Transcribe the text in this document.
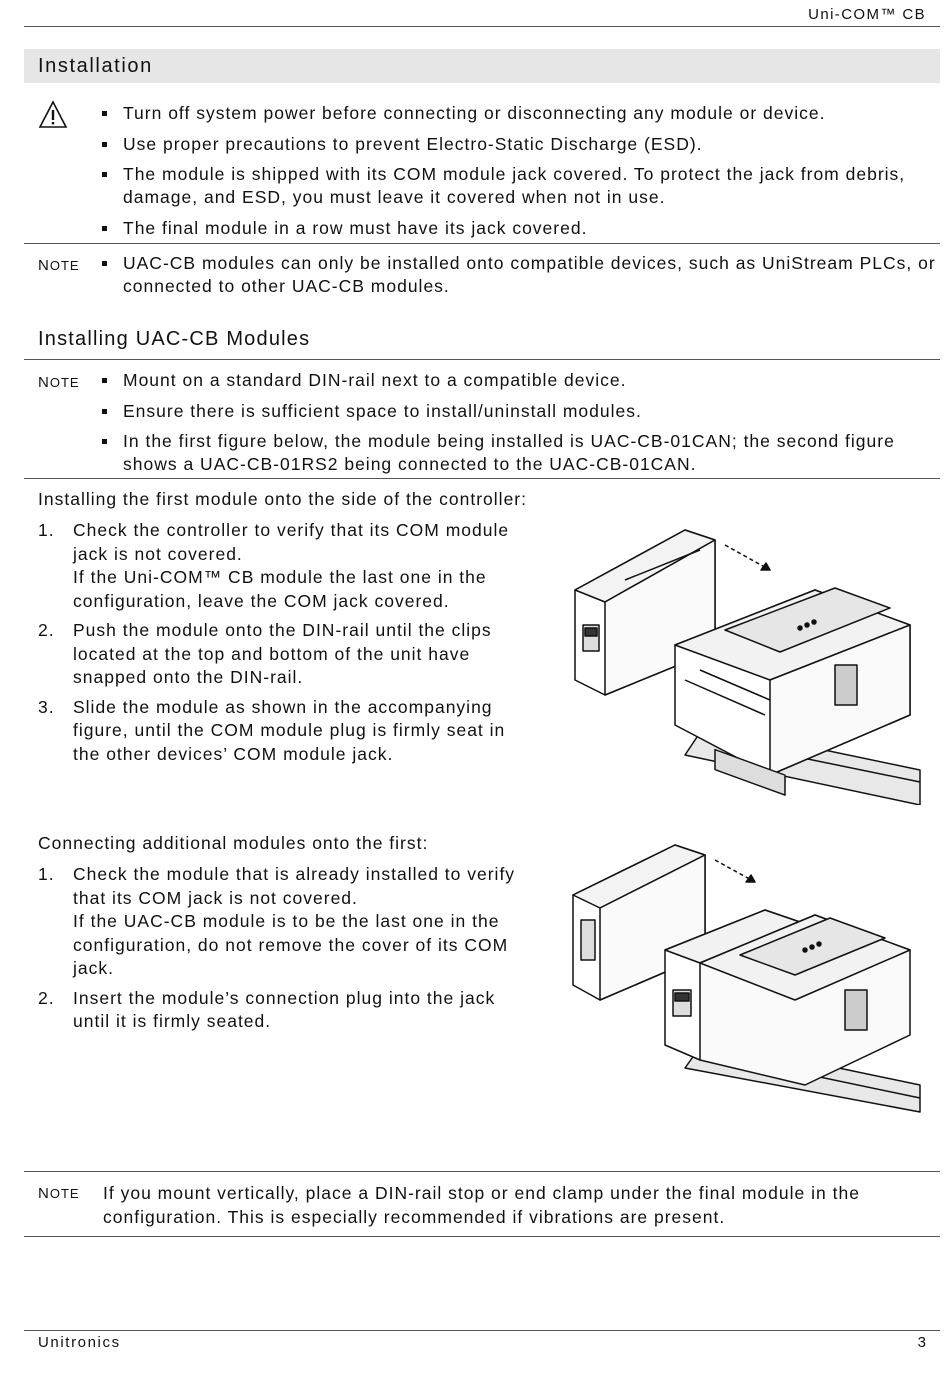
Uni-COM™ CB
Installation
Turn off system power before connecting or disconnecting any module or device.
Use proper precautions to prevent Electro-Static Discharge (ESD).
The module is shipped with its COM module jack covered. To protect the jack from debris, damage, and ESD, you must leave it covered when not in use.
The final module in a row must have its jack covered.
NOTE	UAC-CB modules can only be installed onto compatible devices, such as UniStream PLCs, or connected to other UAC-CB modules.
Installing UAC-CB Modules
NOTE	Mount on a standard DIN-rail next to a compatible device.
Ensure there is sufficient space to install/uninstall modules.
In the first figure below, the module being installed is UAC-CB-01CAN; the second figure shows a UAC-CB-01RS2 being connected to the UAC-CB-01CAN.
Installing the first module onto the side of the controller:
1. Check the controller to verify that its COM module jack is not covered.
If the Uni-COM™ CB module the last one in the configuration, leave the COM jack covered.
2. Push the module onto the DIN-rail until the clips located at the top and bottom of the unit have snapped onto the DIN-rail.
3. Slide the module as shown in the accompanying figure, until the COM module plug is firmly seat in the other devices’ COM module jack.
Connecting additional modules onto the first:
1. Check the module that is already installed to verify that its COM jack is not covered.
If the UAC-CB module is to be the last one in the configuration, do not remove the cover of its COM jack.
2. Insert the module’s connection plug into the jack until it is firmly seated.
NOTE If you mount vertically, place a DIN-rail stop or end clamp under the final module in the configuration. This is especially recommended if vibrations are present.
Unitronics	3
